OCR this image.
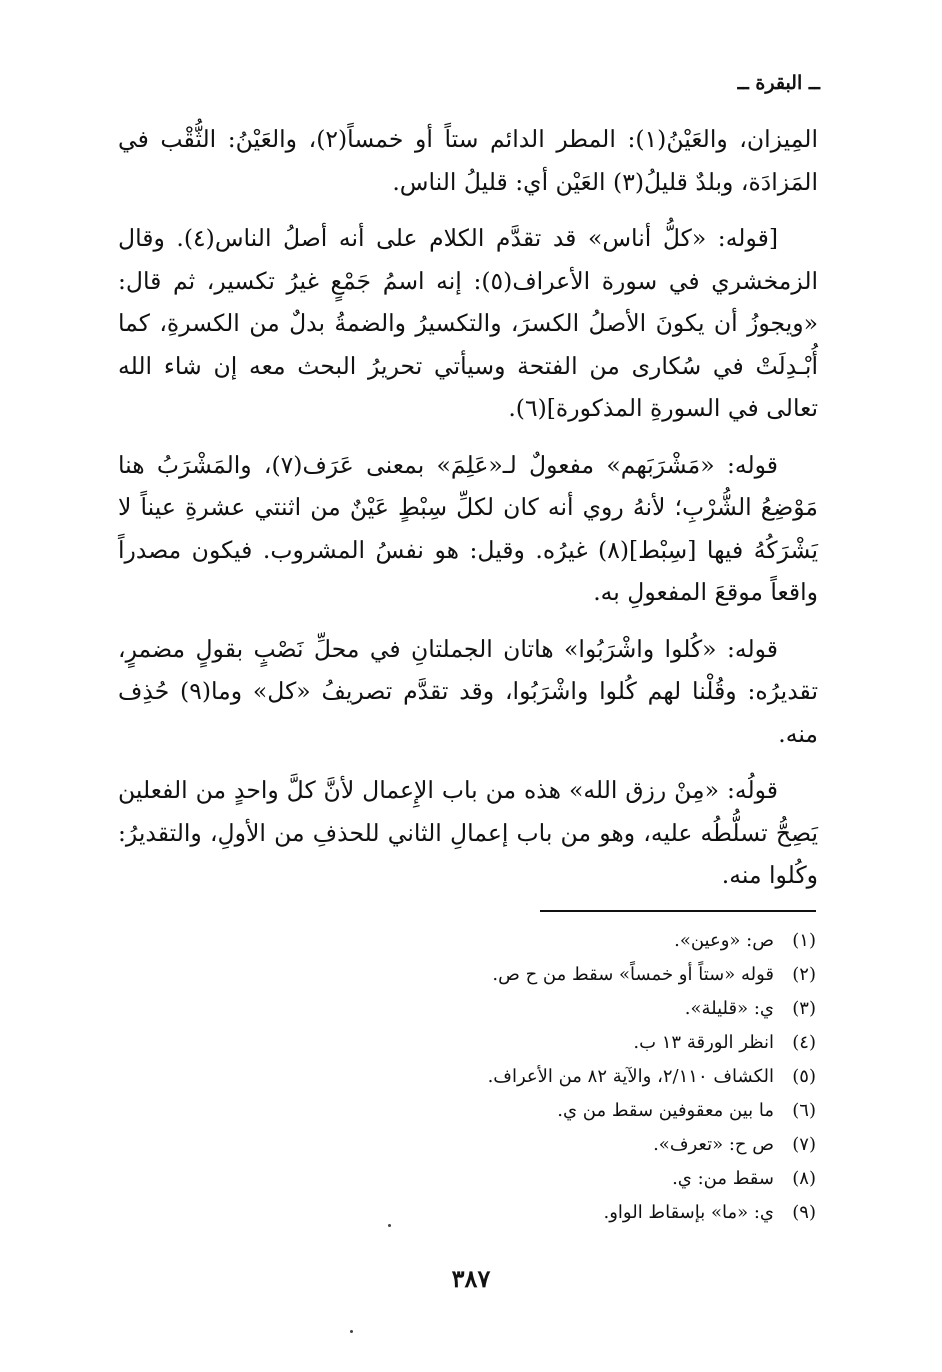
ــ البقرة ــ

المِيزان، والعَيْنُ(١): المطر الدائم ستاً أو خمساً(٢)، والعَيْنُ: الثُّقْب في المَزادَة، وبلدٌ قليلُ(٣) العَيْن أي: قليلُ الناس.

[قوله: «كلُّ أناس» قد تقدَّم الكلام على أنه أصلُ الناس(٤). وقال الزمخشري في سورة الأعراف(٥): إنه اسمُ جَمْعٍ غيرُ تكسير، ثم قال: «ويجوزُ أن يكونَ الأصلُ الكسرَ، والتكسيرُ والضمةُ بدلٌ من الكسرةِ، كما أُبْـدِلَتْ في سُكارى من الفتحة وسيأتي تحريرُ البحث معه إن شاء الله تعالى في السورةِ المذكورة](٦).

قوله: «مَشْرَبَهم» مفعولٌ لـ«عَلِمَ» بمعنى عَرَف(٧)، والمَشْرَبُ هنا مَوْضِعُ الشُّرْبِ؛ لأنهُ روي أنه كان لكلِّ سِبْطٍ عَيْنٌ من اثنتي عشرةِ عيناً لا يَشْرَكُهُ فيها [سِبْط](٨) غيرُه. وقيل: هو نفسُ المشروب. فيكون مصدراً واقعاً موقعَ المفعولِ به.

قوله: «كُلوا واشْرَبُوا» هاتان الجملتانِ في محلِّ نَصْبٍ بقولٍ مضمرٍ، تقديرُه: وقُلْنا لهم كُلوا واشْرَبُوا، وقد تقدَّم تصريفُ «كل» وما(٩) حُذِف منه.

قولُه: «مِنْ رزق الله» هذه من باب الإِعمال لأنَّ كلَّ واحدٍ من الفعلين يَصِحُّ تسلُّطُه عليه، وهو من باب إعمالِ الثاني للحذفِ من الأولِ، والتقديرُ: وكُلوا منه.

(١)
ص: «وعين».
(٢)
قوله «ستاً أو خمساً» سقط من ح ص.
(٣)
ي: «قليلة».
(٤)
انظر الورقة ١٣ ب.
(٥)
الكشاف ٢/١١٠، والآية ٨٢ من الأعراف.
(٦)
ما بين معقوفين سقط من ي.
(٧)
ص ح: «تعرف».
(٨)
سقط من: ي.
(٩)
ي: «ما» بإسقاط الواو.
٣٨٧
